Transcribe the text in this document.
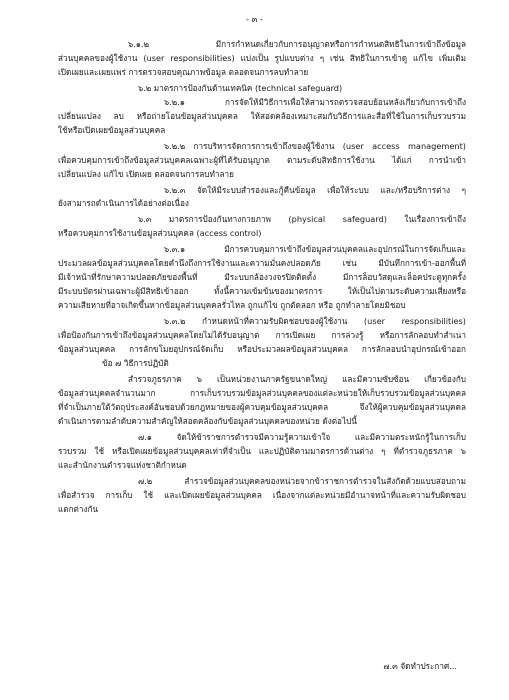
- ๓ -
๖.๑.๒ มีการกำหนดเกี่ยวกับการอนุญาตหรือการกำหนดสิทธิในการเข้าถึงข้อมูล
ส่วนบุคคลของผู้ใช้งาน (user responsibilities) แบ่งเป็น รูปแบบต่าง ๆ เช่น สิทธิในการเข้าดู แก้ไข เพิ่มเติม
เปิดเผยและเผยแพร่ การตรวจสอบคุณภาพข้อมูล ตลอดจนการลบทำลาย
๖.๒ มาตรการป้องกันด้านเทคนิค (technical safeguard)
๖.๒.๑ การจัดให้มีวิธีการเพื่อให้สามารถตรวจสอบย้อนหลังเกี่ยวกับการเข้าถึง
เปลี่ยนแปลง ลบ หรือถ่ายโอนข้อมูลส่วนบุคคล ให้สอดคล้องเหมาะสมกับวิธีการและสื่อที่ใช้ในการเก็บรวบรวม
ใช้หรือเปิดเผยข้อมูลส่วนบุคคล
๖.๒.๒ การบริหารจัดการการเข้าถึงของผู้ใช้งาน (user access management)
เพื่อควบคุมการเข้าถึงข้อมูลส่วนบุคคลเฉพาะผู้ที่ได้รับอนุญาต ตามระดับสิทธิการใช้งาน ได้แก่ การนำเข้า
เปลี่ยนแปลง แก้ไข เปิดเผย ตลอดจนการลบทำลาย
๖.๒.๓ จัดให้มีระบบสำรองและกู้คืนข้อมูล เพื่อให้ระบบ และ/หรือบริการต่าง ๆ
ยังสามารถดำเนินการได้อย่างต่อเนื่อง
๖.๓ มาตรการป้องกันทางกายภาพ (physical safeguard) ในเรื่องการเข้าถึง
หรือควบคุมการใช้งานข้อมูลส่วนบุคคล (access control)
๖.๓.๑ มีการควบคุมการเข้าถึงข้อมูลส่วนบุคคลและอุปกรณ์ในการจัดเก็บและ
ประมวลผลข้อมูลส่วนบุคคลโดยคำนึงถึงการใช้งานและความมั่นคงปลอดภัย เช่น มีบันทึกการเข้า-ออกพื้นที่
มีเจ้าหน้าที่รักษาความปลอดภัยของพื้นที่ มีระบบกล้องวงจรปิดติดตั้ง มีการล็อบวัสดุและล็อคประตูทุกครั้ง
มีระบบบัตรผ่านเฉพาะผู้มีสิทธิเข้าออก ทั้งนี้ความเข้มข้นของมาตรการ ให้เป็นไปตามระดับความเสี่ยงหรือ
ความเสียหายที่อาจเกิดขึ้นหากข้อมูลส่วนบุคคลรั่วไหล ถูกแก้ไข ถูกตัดลอก หรือ ถูกทำลายโดยมิชอบ
๖.๓.๒ กำหนดหน้าที่ความรับผิดชอบของผู้ใช้งาน (user responsibilities)
เพื่อป้องกันการเข้าถึงข้อมูลส่วนบุคคลโดยไม่ได้รับอนุญาต การเปิดเผย การล่วงรู้ หรือการลักลอบทำสำเนา
ข้อมูลส่วนบุคคล การลักขโมยอุปกรณ์จัดเก็บ หรือประมวลผลข้อมูลส่วนบุคคล การลักลอบนำอุปกรณ์เข้าออก
ข้อ ๗ วิธีการปฏิบัติ
สำรวจภูธรภาค ๖ เป็นหน่วยงานภาครัฐขนาดใหญ่ และมีความซับซ้อน เกี่ยวข้องกับ
ข้อมูลส่วนบุคคลจำนวนมาก การเก็บรวบรวมข้อมูลส่วนบุคคลของแต่ละหน่วยให้เก็บรวบรวมข้อมูลส่วนบุคคล
ที่จำเป็นภายใต้วัตถุประสงค์อันชอบด้วยกฎหมายของผู้ควบคุมข้อมูลส่วนบุคคล จึงให้ผู้ควบคุมข้อมูลส่วนบุคคล
ดำเนินการตามลำดับความสำคัญให้สอดคล้องกับข้อมูลส่วนบุคคลของหน่วย ดังต่อไปนี้
๗.๑ จัดให้ข้าราชการตำรวจมีความรู้ความเข้าใจ และมีความตระหนักรู้ในการเก็บ
รวบรวม ใช้ หรือเปิดเผยข้อมูลส่วนบุคคลเท่าที่จำเป็น และปฏิบัติตามมาตรการด้านต่าง ๆ ที่ตำรวจภูธรภาค ๖
และสำนักงานตำรวจแห่งชาติกำหนด
๗.๒ สำรวจข้อมูลส่วนบุคคลของหน่วยจากข้าราชการตำรวจในสังกัดด้วยแบบสอบถาม
เพื่อสำรวจ การเก็บ ใช้ และเปิดเผยข้อมูลส่วนบุคคล เนื่องจากแต่ละหน่วยมีอำนาจหน้าที่และความรับผิดชอบ
แตกต่างกัน
๗.๓ จัดทำประกาศ...
